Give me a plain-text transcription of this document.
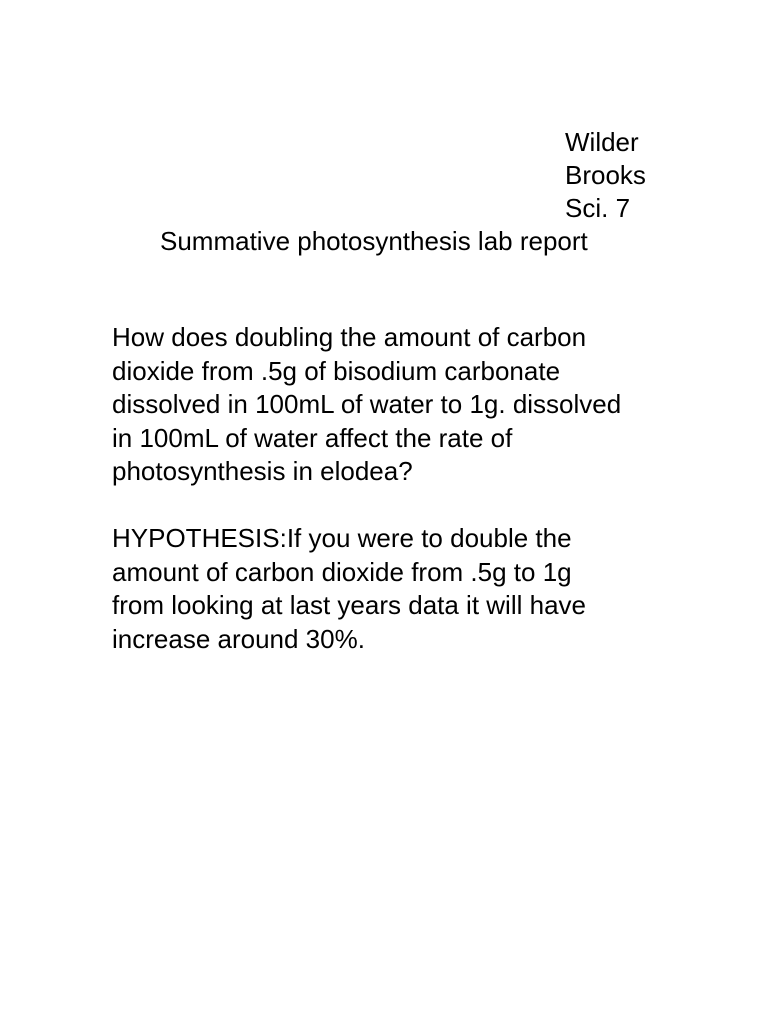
Wilder
Brooks
Sci. 7
Summative photosynthesis lab report
How does doubling the amount of carbon
dioxide from .5g of bisodium carbonate
dissolved in 100mL of water to 1g. dissolved
in 100mL of water affect the rate of
photosynthesis in elodea?
HYPOTHESIS:If you were to double the
amount of carbon dioxide from .5g to 1g
from looking at last years data it will have
increase around 30%.
